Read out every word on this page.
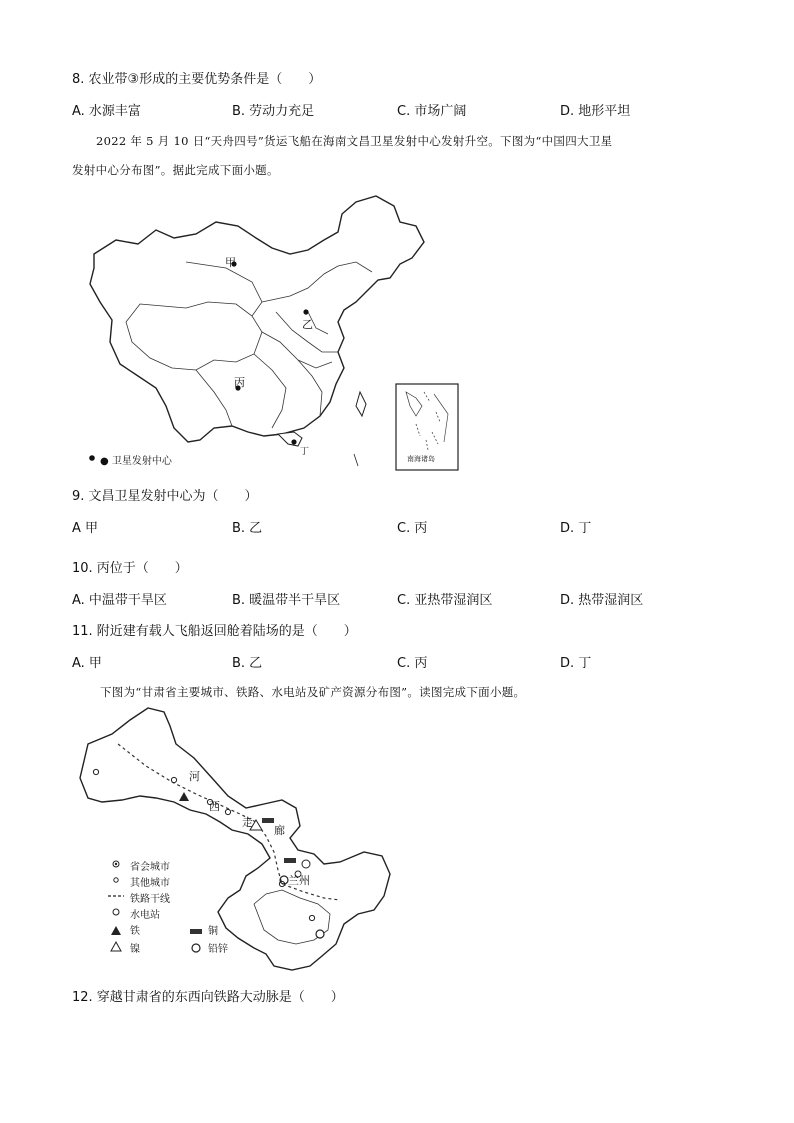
8. 农业带③形成的主要优势条件是（　　）
A. 水源丰富	B. 劳动力充足	C. 市场广阔	D. 地形平坦
2022 年 5 月 10 日“天舟四号”货运飞船在海南文昌卫星发射中心发射升空。下图为“中国四大卫星
发射中心分布图”。据此完成下面小题。
甲
乙
丙
丁
南海诸岛
● 卫星发射中心
9. 文昌卫星发射中心为（　　）
A 甲	B. 乙	C. 丙	D. 丁
10. 丙位于（　　）
A. 中温带干旱区	B. 暖温带半干旱区	C. 亚热带湿润区	D. 热带湿润区
11. 附近建有载人飞船返回舱着陆场的是（　　）
A. 甲	B. 乙	C. 丙	D. 丁
下图为“甘肃省主要城市、铁路、水电站及矿产资源分布图”。读图完成下面小题。
河
西
走
廊
兰州
省会城市
其他城市
铁路干线
水电站
铁	铜
镍	铅锌
12. 穿越甘肃省的东西向铁路大动脉是（　　）
